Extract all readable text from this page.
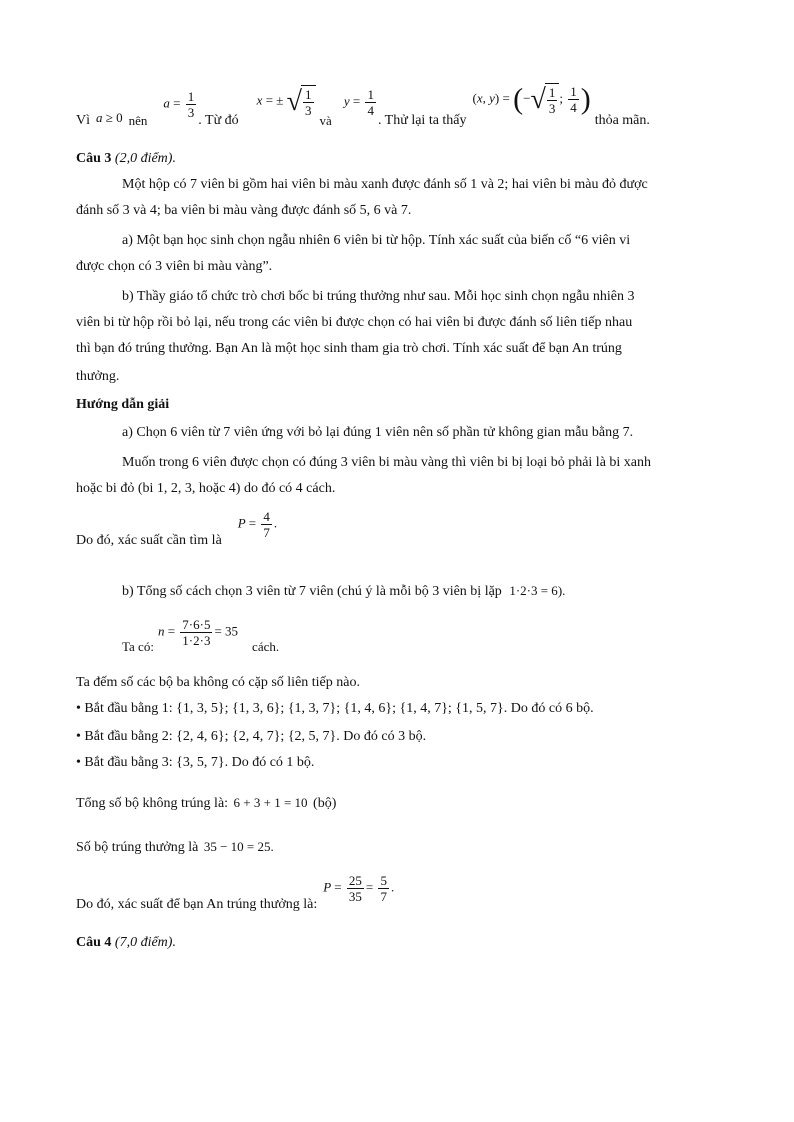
Vì a ≥ 0 nên
$a = \frac{1}{3}$
. Từ đó
x = ± √ $\frac{1}{3}$
và
$y = \frac{1}{4}$
. Thử lại ta thấy
(x, y) = (− √ $\frac{1}{3}$ ; $\frac{1}{4}$ )
thỏa mãn.
Câu 3 (2,0 điểm).
Một hộp có 7 viên bi gồm hai viên bi màu xanh được đánh số 1 và 2; hai viên bi màu đỏ được
đánh số 3 và 4; ba viên bi màu vàng được đánh số 5, 6 và 7.
a) Một bạn học sinh chọn ngẫu nhiên 6 viên bi từ hộp. Tính xác suất của biến cố “6 viên vi
được chọn có 3 viên bi màu vàng”.
b) Thầy giáo tổ chức trò chơi bốc bi trúng thưởng như sau. Mỗi học sinh chọn ngẫu nhiên 3
viên bi từ hộp rồi bỏ lại, nếu trong các viên bi được chọn có hai viên bi được đánh số liên tiếp nhau
thì bạn đó trúng thưởng. Bạn An là một học sinh tham gia trò chơi. Tính xác suất để bạn An trúng
thưởng.
Hướng dẫn giải
a) Chọn 6 viên từ 7 viên ứng với bỏ lại đúng 1 viên nên số phần tử không gian mẫu bằng 7.
Muốn trong 6 viên được chọn có đúng 3 viên bi màu vàng thì viên bi bị loại bỏ phải là bi xanh
hoặc bi đỏ (bi 1, 2, 3, hoặc 4) do đó có 4 cách.
Do đó, xác suất cần tìm là
$P = \frac{4}{7}$ .
b) Tổng số cách chọn 3 viên từ 7 viên (chú ý là mỗi bộ 3 viên bị lặp 1·2·3 = 6).
Ta có:
$n = \frac{7\cdot 6\cdot 5}{1\cdot 2\cdot 3} = 35$
cách.
Ta đếm số các bộ ba không có cặp số liên tiếp nào.
• Bắt đầu bằng 1: {1, 3, 5}; {1, 3, 6}; {1, 3, 7}; {1, 4, 6}; {1, 4, 7}; {1, 5, 7}. Do đó có 6 bộ.
• Bắt đầu bằng 2: {2, 4, 6}; {2, 4, 7}; {2, 5, 7}. Do đó có 3 bộ.
• Bắt đầu bằng 3: {3, 5, 7}. Do đó có 1 bộ.
Tổng số bộ không trúng là: 6 + 3 + 1 = 10 (bộ)
Số bộ trúng thưởng là 35 − 10 = 25.
Do đó, xác suất để bạn An trúng thưởng là:
$P = \frac{25}{35} = \frac{5}{7}$ .
Câu 4 (7,0 điểm).
